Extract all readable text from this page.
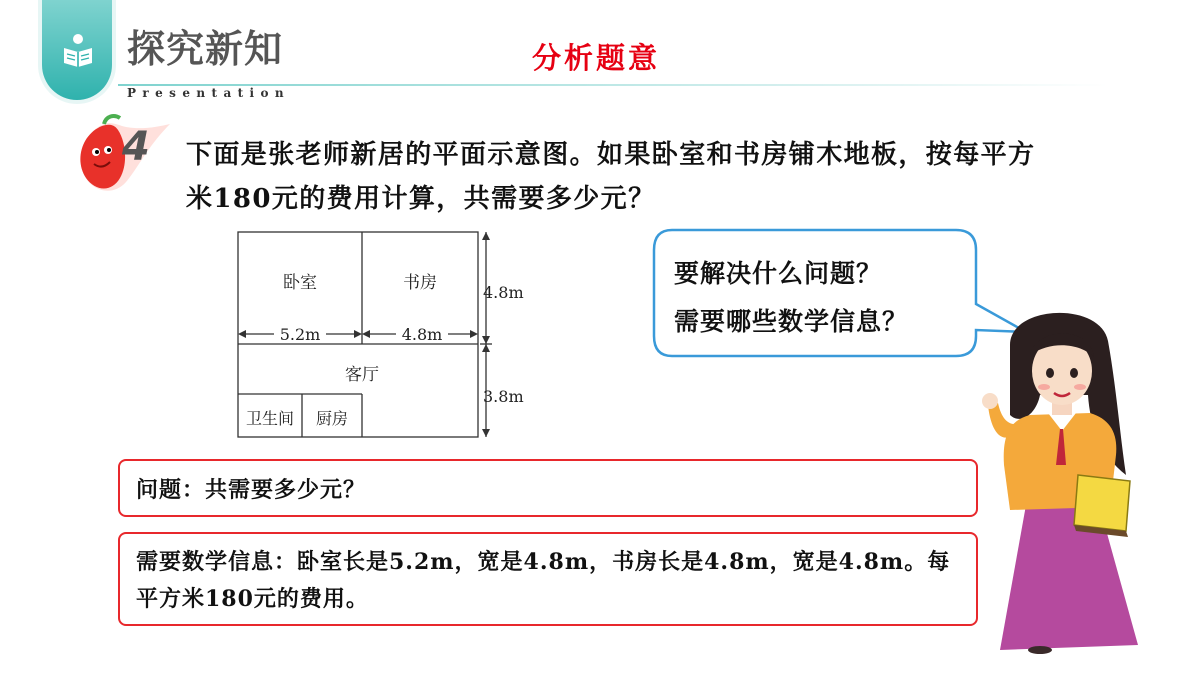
探究新知
Presentation
分析题意
4 下面是张老师新居的平面示意图。如果卧室和书房铺木地板，按每平方米180元的费用计算，共需要多少元？
卧室	书房
客厅
卫生间 厨房
5.2m	4.8m
4.8m
3.8m
要解决什么问题？
需要哪些数学信息？
问题：共需要多少元？
需要数学信息：卧室长是5.2m，宽是4.8m，书房长是4.8m，宽是4.8m。每平方米180元的费用。
